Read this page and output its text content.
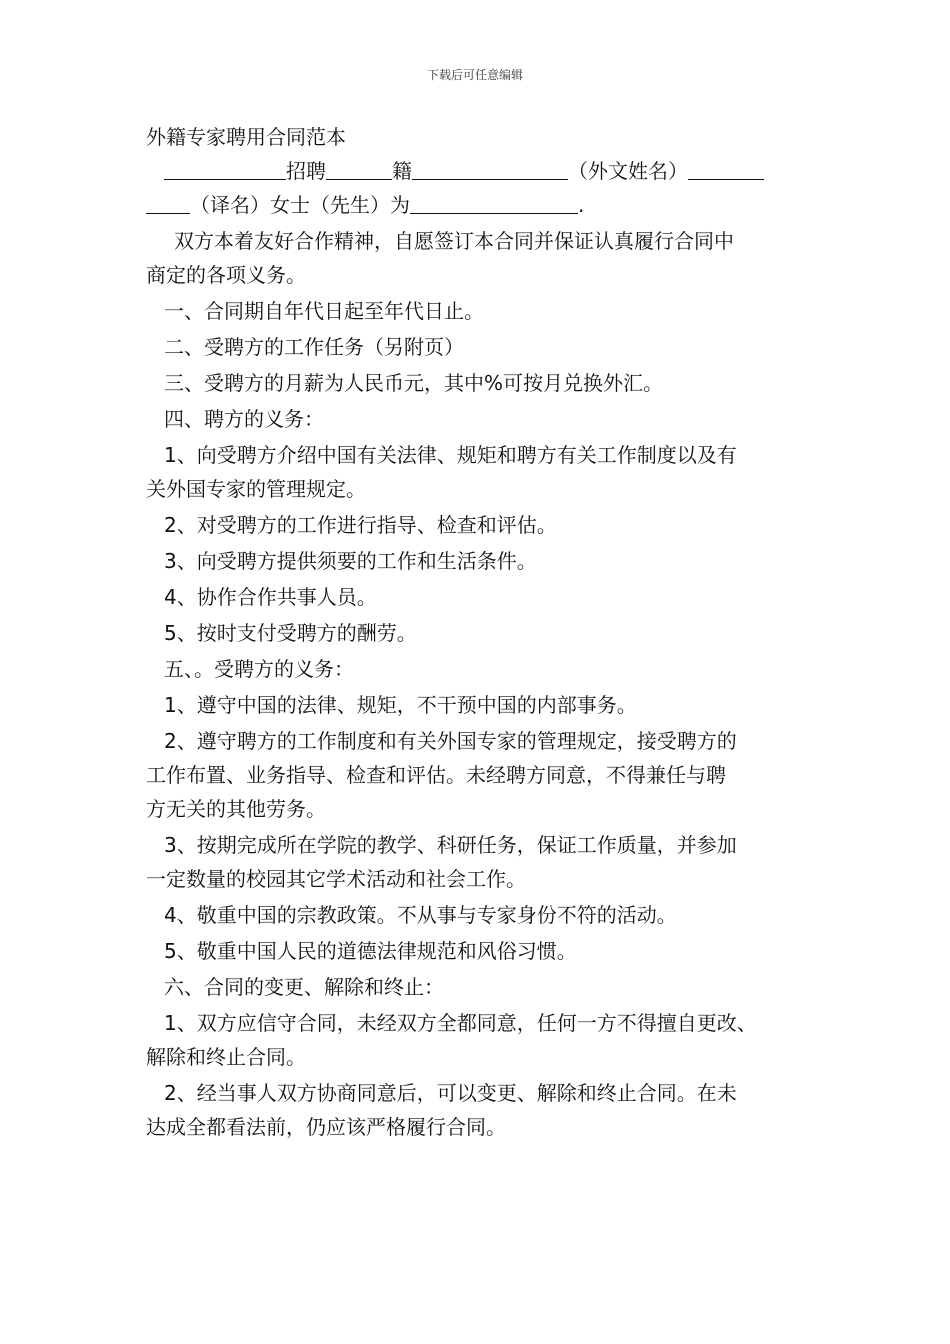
下载后可任意编辑
外籍专家聘用合同范本
招聘	籍	（外文姓名）
（译名）女士（先生）为	.
双方本着友好合作精神，自愿签订本合同并保证认真履行合同中
商定的各项义务。
一、合同期自年代日起至年代日止。
二、受聘方的工作任务（另附页）
三、受聘方的月薪为人民币元，其中%可按月兑换外汇。
四、聘方的义务：
1、向受聘方介绍中国有关法律、规矩和聘方有关工作制度以及有
关外国专家的管理规定。
2、对受聘方的工作进行指导、检查和评估。
3、向受聘方提供须要的工作和生活条件。
4、协作合作共事人员。
5、按时支付受聘方的酬劳。
五、。受聘方的义务：
1、遵守中国的法律、规矩，不干预中国的内部事务。
2、遵守聘方的工作制度和有关外国专家的管理规定，接受聘方的
工作布置、业务指导、检查和评估。未经聘方同意，不得兼任与聘
方无关的其他劳务。
3、按期完成所在学院的教学、科研任务，保证工作质量，并参加
一定数量的校园其它学术活动和社会工作。
4、敬重中国的宗教政策。不从事与专家身份不符的活动。
5、敬重中国人民的道德法律规范和风俗习惯。
六、合同的变更、解除和终止：
1、双方应信守合同，未经双方全都同意，任何一方不得擅自更改、
解除和终止合同。
2、经当事人双方协商同意后，可以变更、解除和终止合同。在未
达成全都看法前，仍应该严格履行合同。
